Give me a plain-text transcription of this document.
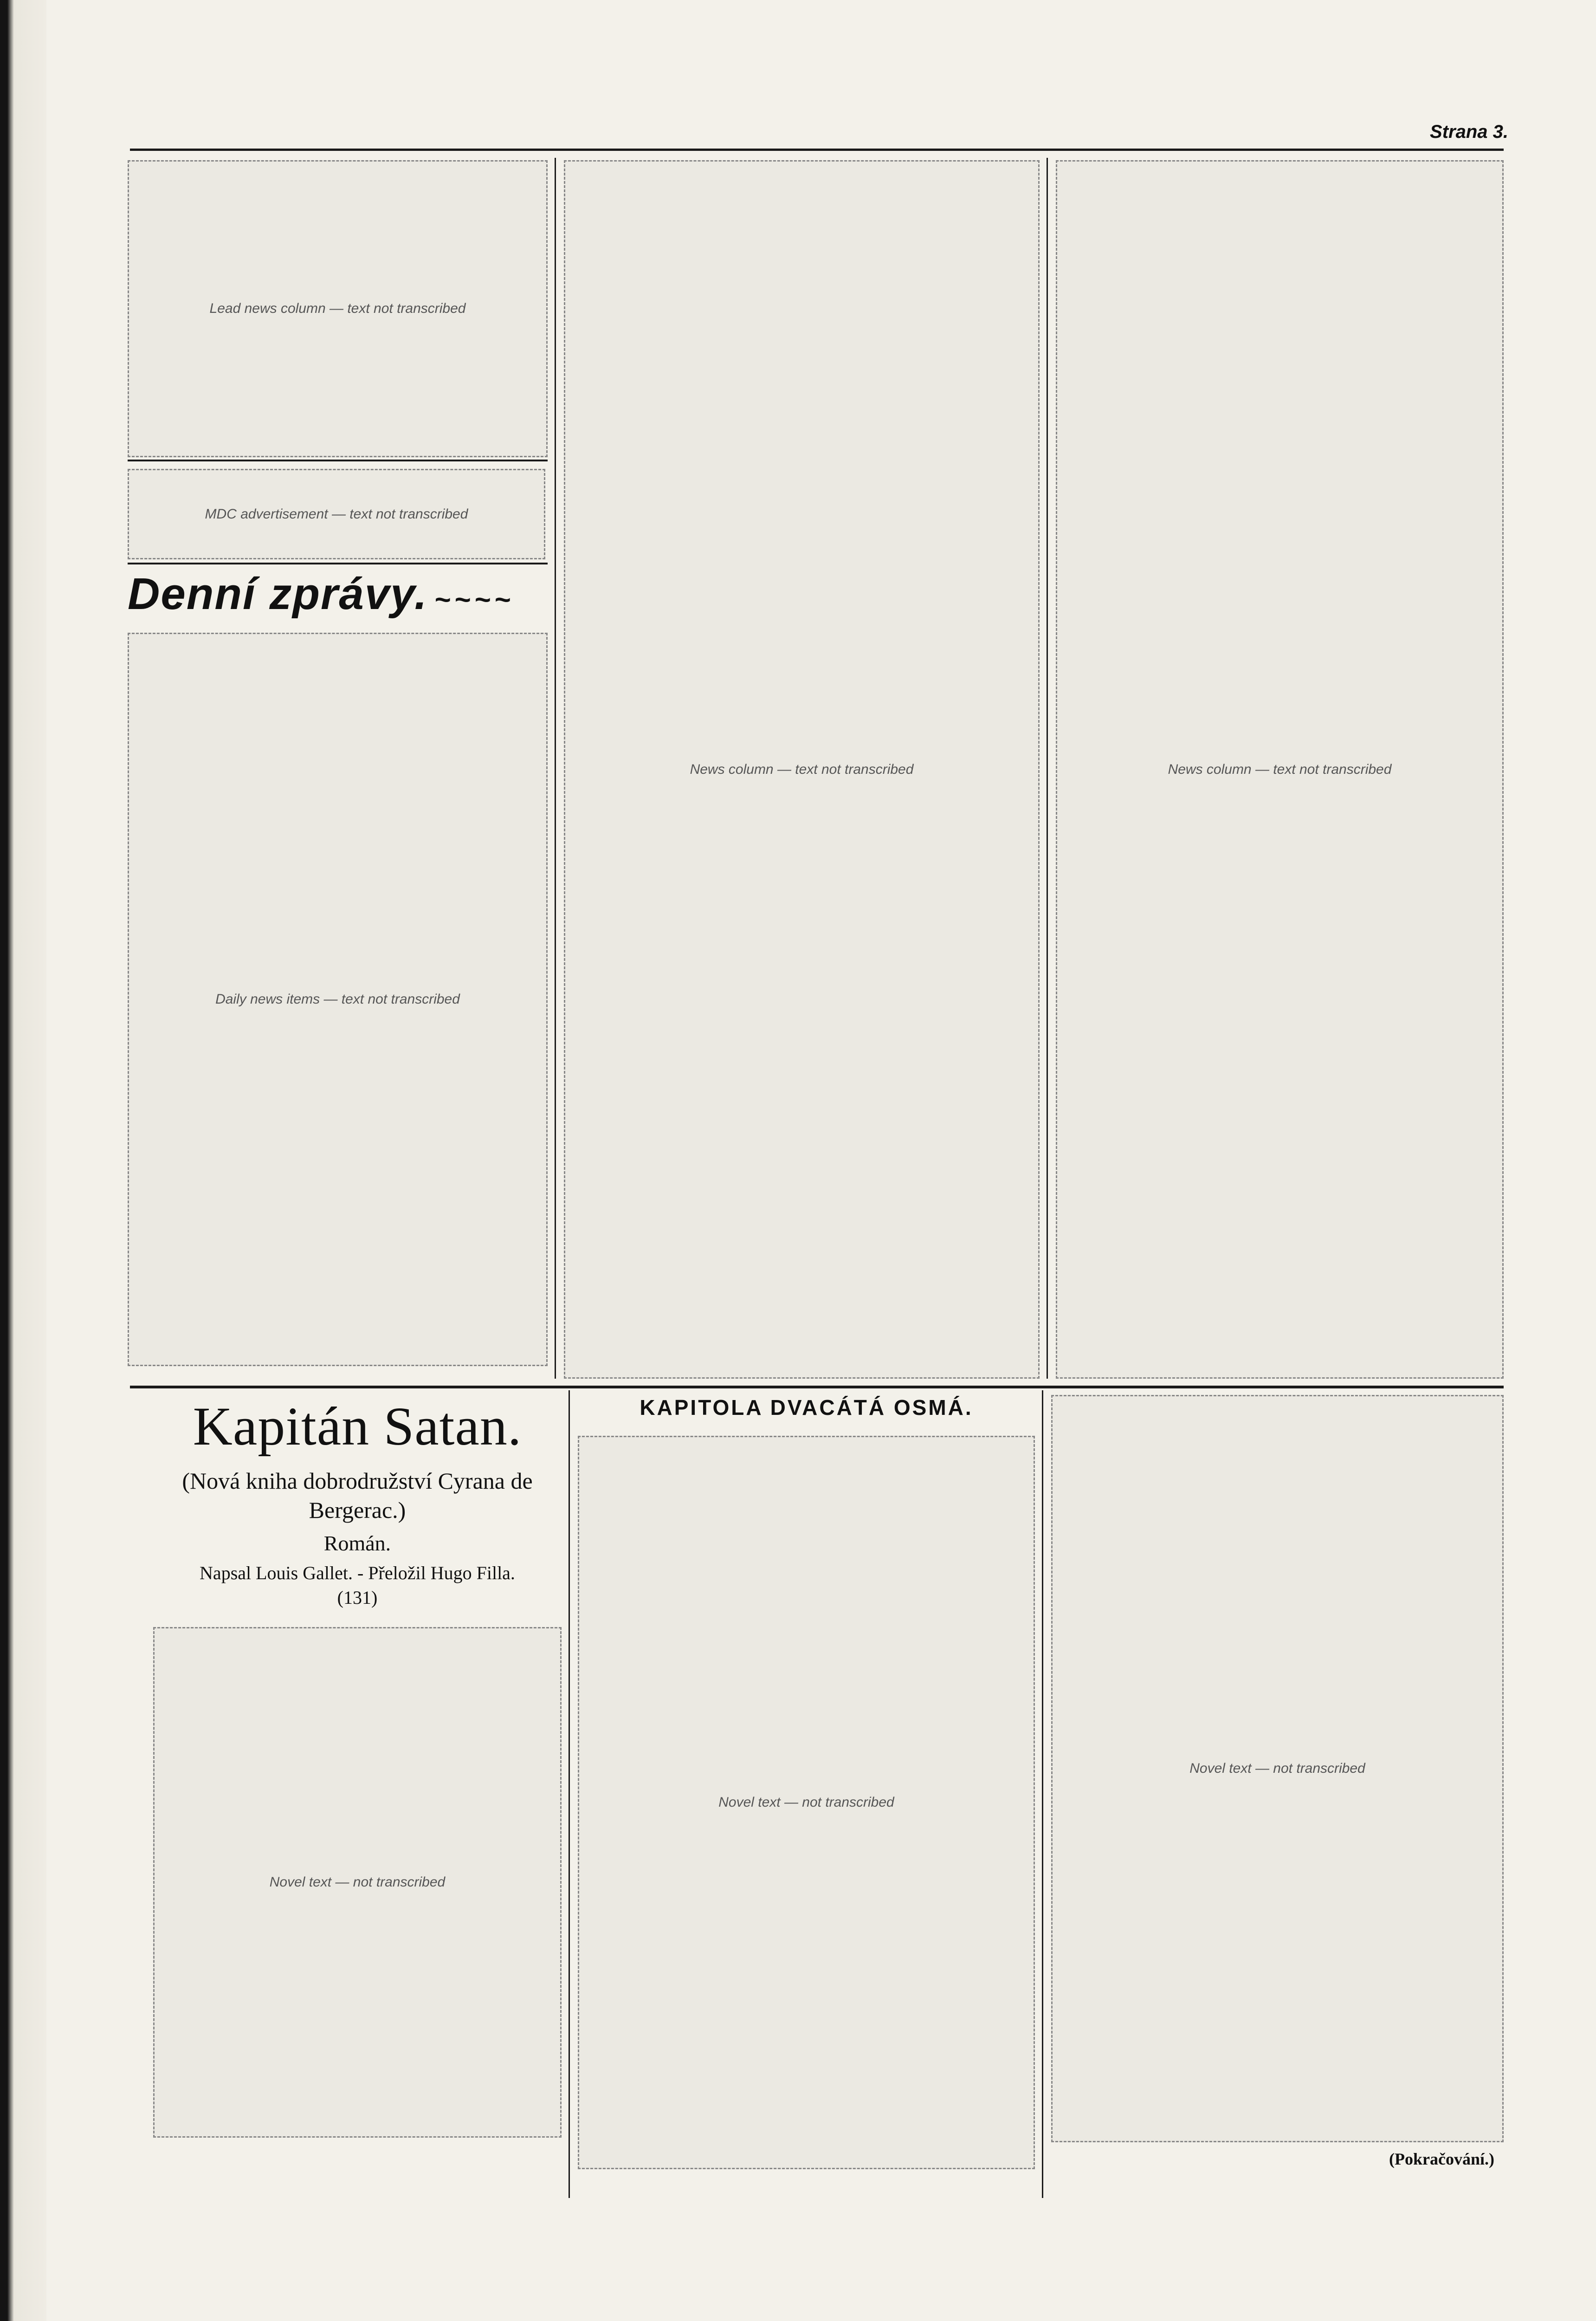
Strana 3.
Lead news column — text not transcribed
MDC advertisement — text not transcribed
Denní zprávy. ~~~~
Daily news items — text not transcribed
News column — text not transcribed	News column — text not transcribed
Kapitán Satan.

(Nová kniha dobrodružství Cyrana de Bergerac.)

Román.

Napsal Louis Gallet. - Přeložil Hugo Filla.

(131)

Novel text — not transcribed
KAPITOLA DVACÁTÁ OSMÁ.
Novel text — not transcribed
Novel text — not transcribed
(Pokračování.)
